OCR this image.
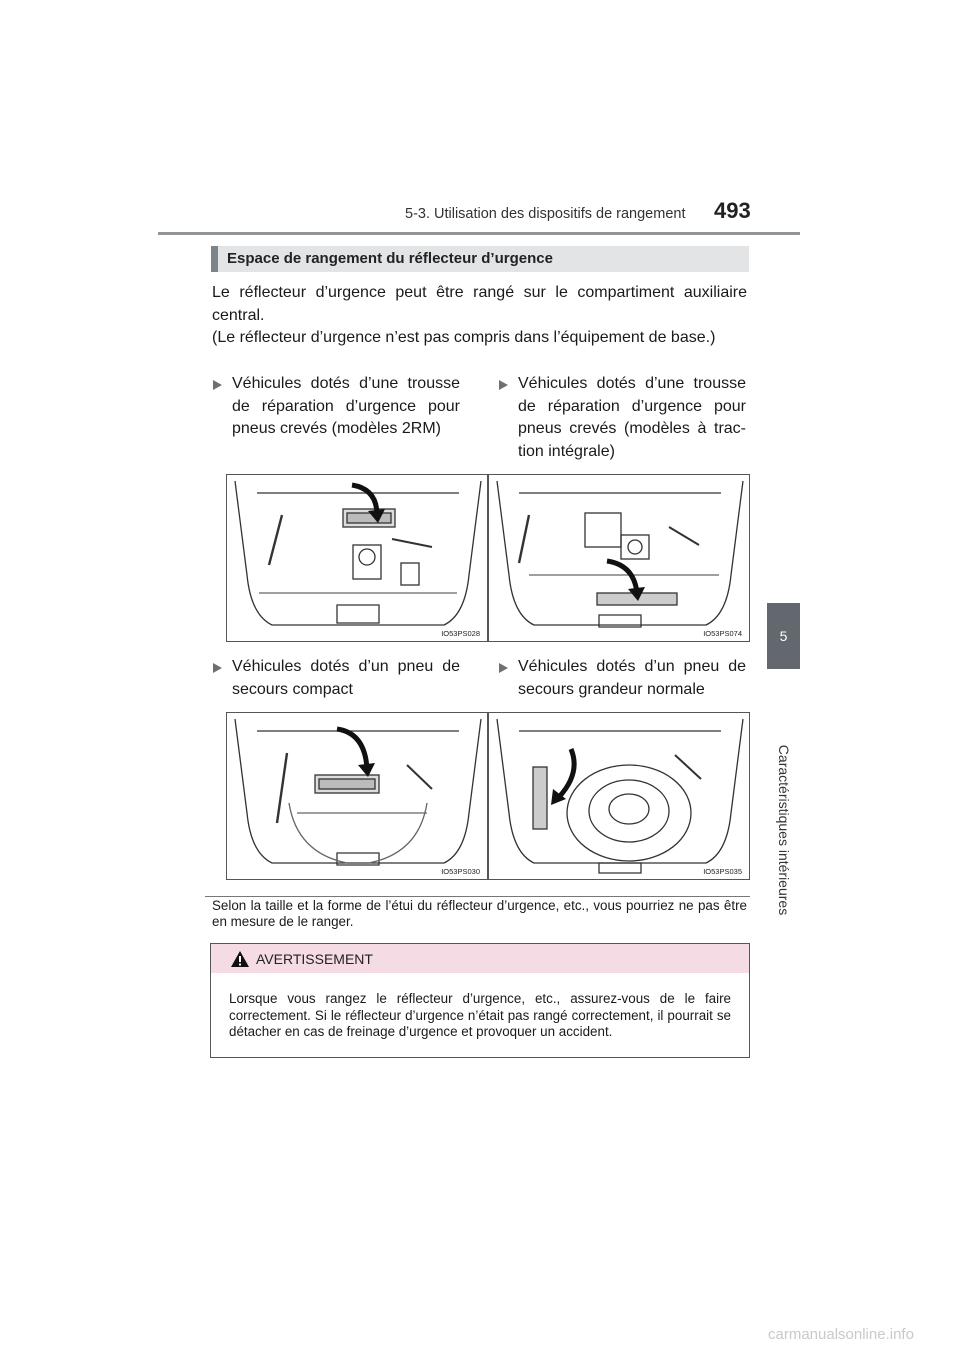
5-3. Utilisation des dispositifs de rangement 493
5
Caractéristiques intérieures
Espace de rangement du réflecteur d’urgence

Le réflecteur d’urgence peut être rangé sur le compartiment auxiliaire central.
(Le réflecteur d’urgence n’est pas compris dans l’équipement de base.)

Véhicules dotés d’une trousse de réparation d’urgence pour pneus crevés (modèles 2RM)

Véhicules dotés d’une trousse de réparation d’urgence pour pneus crevés (modèles à trac-tion intégrale)

Véhicules dotés d’un pneu de secours compact

Véhicules dotés d’un pneu de secours grandeur normale

IO53PS028	IO53PS074
IO53PS030	IO53PS035

Selon la taille et la forme de l’étui du réflecteur d’urgence, etc., vous pourriez ne pas être en mesure de le ranger.

AVERTISSEMENT

Lorsque vous rangez le réflecteur d’urgence, etc., assurez-vous de le faire correctement. Si le réflecteur d’urgence n’était pas rangé correctement, il pourrait se détacher en cas de freinage d’urgence et provoquer un accident.

carmanualsonline.info
